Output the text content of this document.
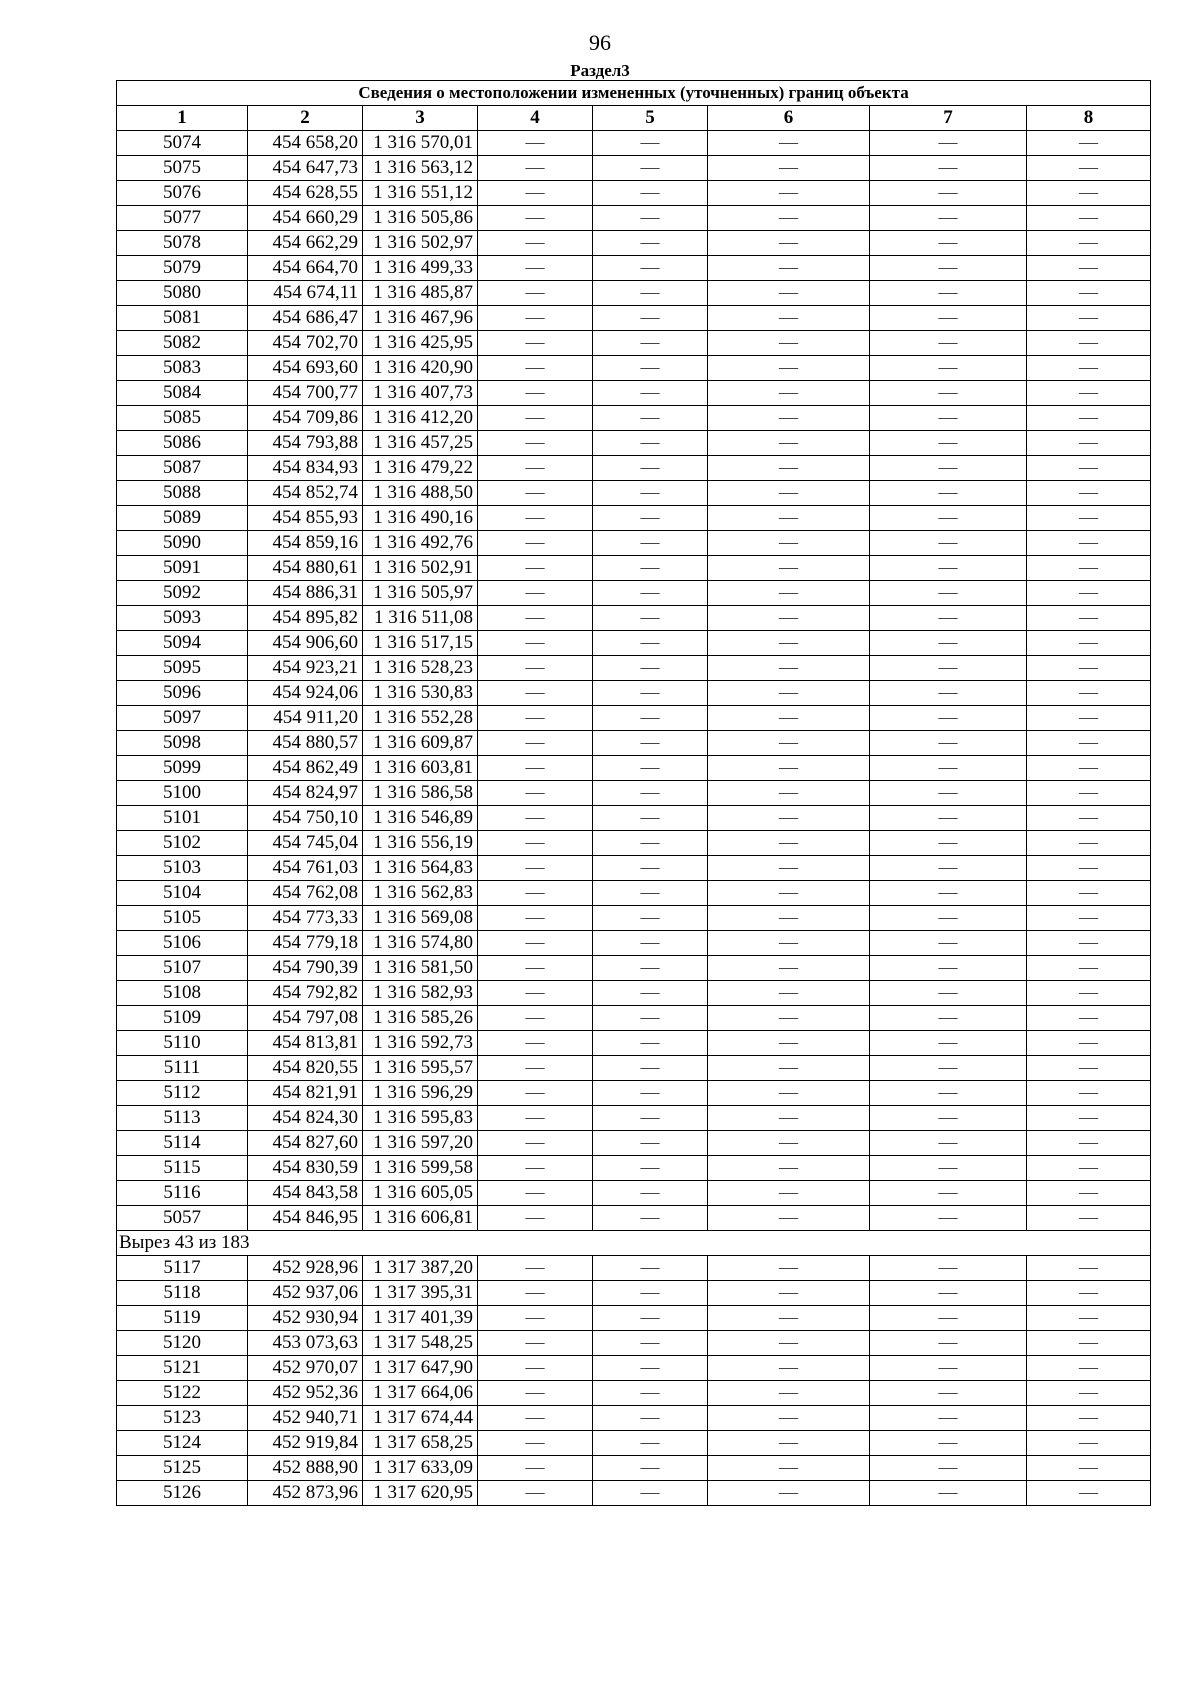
96
Раздел3
Сведения о местоположении измененных (уточненных) границ объекта							
1	2	3	4	5	6	7	8
5074	454 658,20	1 316 570,01	—	—	—	—	—
5075	454 647,73	1 316 563,12	—	—	—	—	—
5076	454 628,55	1 316 551,12	—	—	—	—	—
5077	454 660,29	1 316 505,86	—	—	—	—	—
5078	454 662,29	1 316 502,97	—	—	—	—	—
5079	454 664,70	1 316 499,33	—	—	—	—	—
5080	454 674,11	1 316 485,87	—	—	—	—	—
5081	454 686,47	1 316 467,96	—	—	—	—	—
5082	454 702,70	1 316 425,95	—	—	—	—	—
5083	454 693,60	1 316 420,90	—	—	—	—	—
5084	454 700,77	1 316 407,73	—	—	—	—	—
5085	454 709,86	1 316 412,20	—	—	—	—	—
5086	454 793,88	1 316 457,25	—	—	—	—	—
5087	454 834,93	1 316 479,22	—	—	—	—	—
5088	454 852,74	1 316 488,50	—	—	—	—	—
5089	454 855,93	1 316 490,16	—	—	—	—	—
5090	454 859,16	1 316 492,76	—	—	—	—	—
5091	454 880,61	1 316 502,91	—	—	—	—	—
5092	454 886,31	1 316 505,97	—	—	—	—	—
5093	454 895,82	1 316 511,08	—	—	—	—	—
5094	454 906,60	1 316 517,15	—	—	—	—	—
5095	454 923,21	1 316 528,23	—	—	—	—	—
5096	454 924,06	1 316 530,83	—	—	—	—	—
5097	454 911,20	1 316 552,28	—	—	—	—	—
5098	454 880,57	1 316 609,87	—	—	—	—	—
5099	454 862,49	1 316 603,81	—	—	—	—	—
5100	454 824,97	1 316 586,58	—	—	—	—	—
5101	454 750,10	1 316 546,89	—	—	—	—	—
5102	454 745,04	1 316 556,19	—	—	—	—	—
5103	454 761,03	1 316 564,83	—	—	—	—	—
5104	454 762,08	1 316 562,83	—	—	—	—	—
5105	454 773,33	1 316 569,08	—	—	—	—	—
5106	454 779,18	1 316 574,80	—	—	—	—	—
5107	454 790,39	1 316 581,50	—	—	—	—	—
5108	454 792,82	1 316 582,93	—	—	—	—	—
5109	454 797,08	1 316 585,26	—	—	—	—	—
5110	454 813,81	1 316 592,73	—	—	—	—	—
5111	454 820,55	1 316 595,57	—	—	—	—	—
5112	454 821,91	1 316 596,29	—	—	—	—	—
5113	454 824,30	1 316 595,83	—	—	—	—	—
5114	454 827,60	1 316 597,20	—	—	—	—	—
5115	454 830,59	1 316 599,58	—	—	—	—	—
5116	454 843,58	1 316 605,05	—	—	—	—	—
5057	454 846,95	1 316 606,81	—	—	—	—	—
Вырез 43 из 183							
5117	452 928,96	1 317 387,20	—	—	—	—	—
5118	452 937,06	1 317 395,31	—	—	—	—	—
5119	452 930,94	1 317 401,39	—	—	—	—	—
5120	453 073,63	1 317 548,25	—	—	—	—	—
5121	452 970,07	1 317 647,90	—	—	—	—	—
5122	452 952,36	1 317 664,06	—	—	—	—	—
5123	452 940,71	1 317 674,44	—	—	—	—	—
5124	452 919,84	1 317 658,25	—	—	—	—	—
5125	452 888,90	1 317 633,09	—	—	—	—	—
5126	452 873,96	1 317 620,95	—	—	—	—	—
